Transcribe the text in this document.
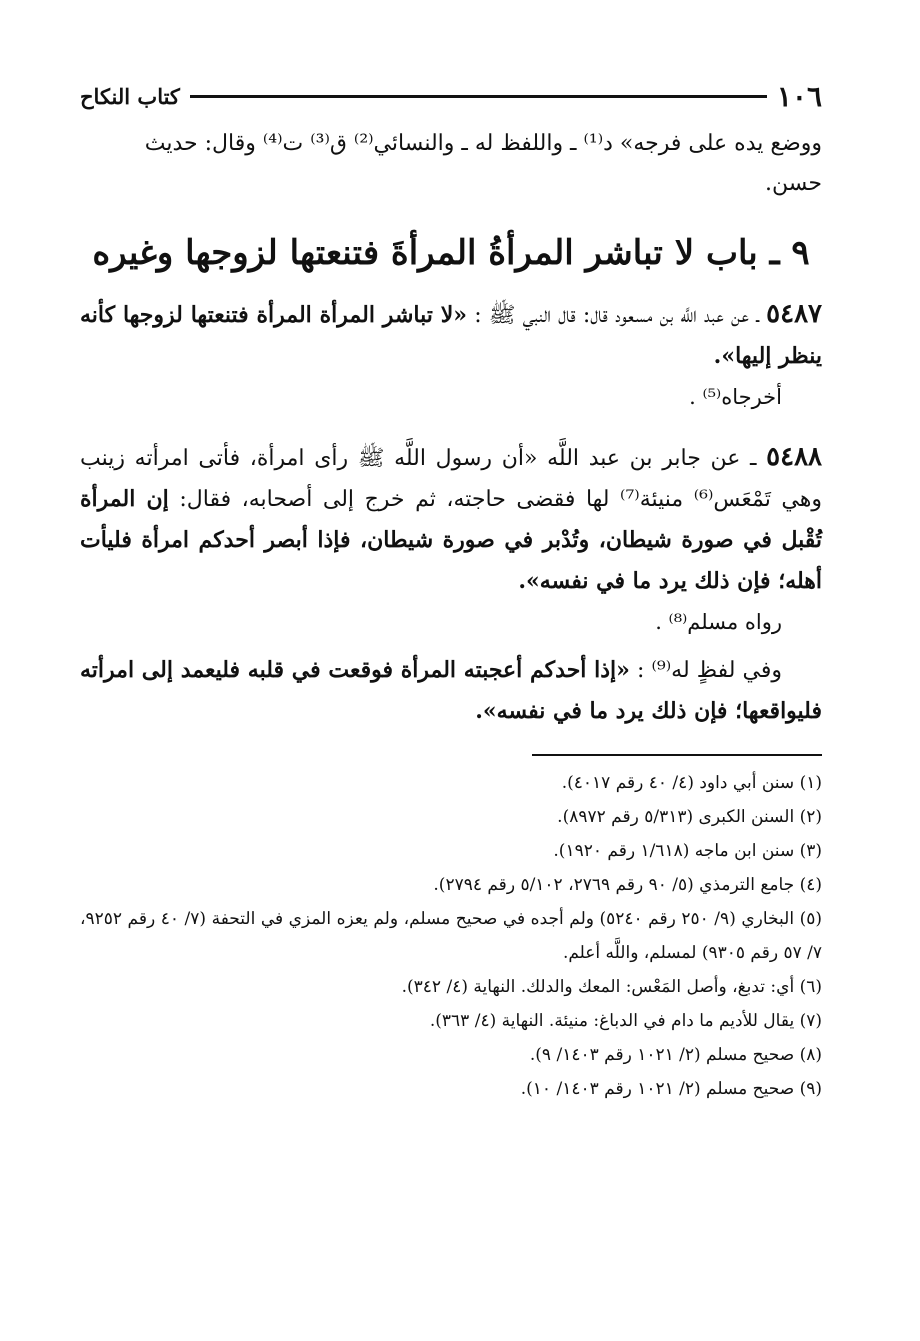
١٠٦
كتاب النكاح

ووضع يده على فرجه» د⁽¹⁾ ـ واللفظ له ـ والنسائي⁽²⁾ ق⁽³⁾ ت⁽⁴⁾ وقال: حديث

حسن.

٩ ـ باب لا تباشر المرأةُ المرأةَ فتنعتها لزوجها وغيره

٥٤٨٧ ـ عن عبد اللَّه بن مسعود قال: قال النبي ﷺ : «لا تباشر المرأة المرأة فتنعتها لزوجها كأنه ينظر إليها».

أخرجاه⁽⁵⁾ .

٥٤٨٨ ـ عن جابر بن عبد اللَّه «أن رسول اللَّه ﷺ رأى امرأة، فأتى امرأته زينب وهي تَمْعَس⁽⁶⁾ منيئة⁽⁷⁾ لها فقضى حاجته، ثم خرج إلى أصحابه، فقال: إن المرأة تُقْبل في صورة شيطان، وتُدْبر في صورة شيطان، فإذا أبصر أحدكم امرأة فليأت أهله؛ فإن ذلك يرد ما في نفسه».

رواه مسلم⁽⁸⁾ .

وفي لفظٍ له⁽⁹⁾ : «إذا أحدكم أعجبته المرأة فوقعت في قلبه فليعمد إلى امرأته فليواقعها؛ فإن ذلك يرد ما في نفسه».

(١) سنن أبي داود (٤/ ٤٠ رقم ٤٠١٧).

(٢) السنن الكبرى (٥/٣١٣ رقم ٨٩٧٢).

(٣) سنن ابن ماجه (١/٦١٨ رقم ١٩٢٠).

(٤) جامع الترمذي (٥/ ٩٠ رقم ٢٧٦٩، ٥/١٠٢ رقم ٢٧٩٤).

(٥) البخاري (٩/ ٢٥٠ رقم ٥٢٤٠) ولم أجده في صحيح مسلم، ولم يعزه المزي في التحفة (٧/ ٤٠ رقم ٩٢٥٢، ٧/ ٥٧ رقم ٩٣٠٥) لمسلم، واللَّه أعلم.

(٦) أي: تدبغ، وأصل المَعْس: المعك والدلك. النهاية (٤/ ٣٤٢).

(٧) يقال للأديم ما دام في الدباغ: منيئة. النهاية (٤/ ٣٦٣).

(٨) صحيح مسلم (٢/ ١٠٢١ رقم ١٤٠٣/ ٩).

(٩) صحيح مسلم (٢/ ١٠٢١ رقم ١٤٠٣/ ١٠).
